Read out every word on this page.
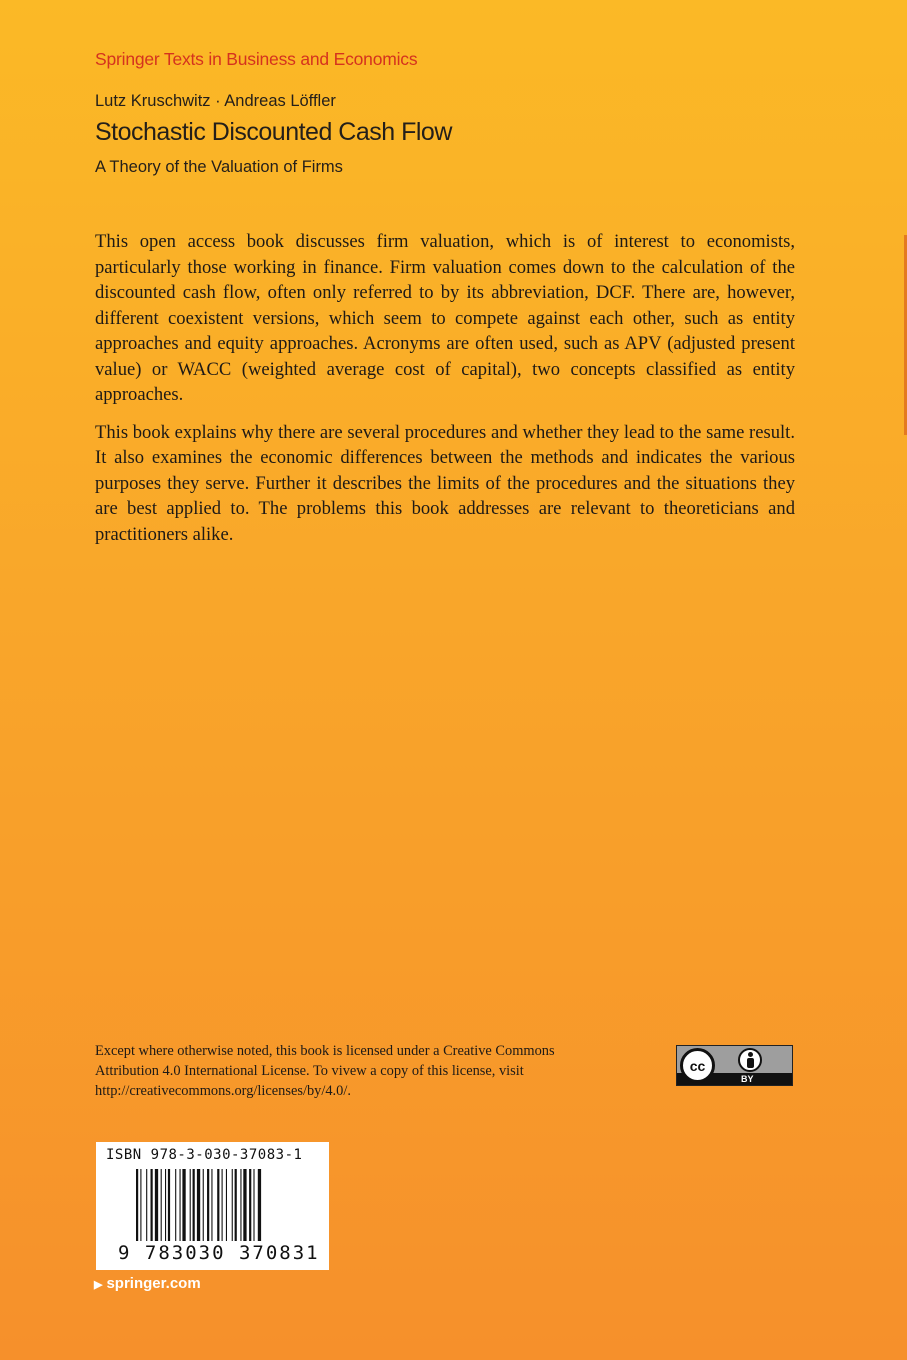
Springer Texts in Business and Economics
Lutz Kruschwitz · Andreas Löffler
Stochastic Discounted Cash Flow
A Theory of the Valuation of Firms

This open access book discusses firm valuation, which is of interest to economists, particularly those working in finance. Firm valuation comes down to the calculation of the discounted cash flow, often only referred to by its abbreviation, DCF. There are, however, different coexistent versions, which seem to compete against each other, such as entity approaches and equity approaches. Acronyms are often used, such as APV (adjusted present value) or WACC (weighted average cost of capital), two concepts classified as entity approaches.

This book explains why there are several procedures and whether they lead to the same result. It also examines the economic differences between the methods and indicates the various purposes they serve. Further it describes the limits of the procedures and the situations they are best applied to. The problems this book addresses are relevant to theoreticians and practitioners alike.

Except where otherwise noted, this book is licensed under a Creative Commons Attribution 4.0 International License. To vivew a copy of this license, visit http://creativecommons.org/licenses/by/4.0/.
cc
BY
ISBN 978-3-030-37083-1
9 783030 370831
▶ springer.com
